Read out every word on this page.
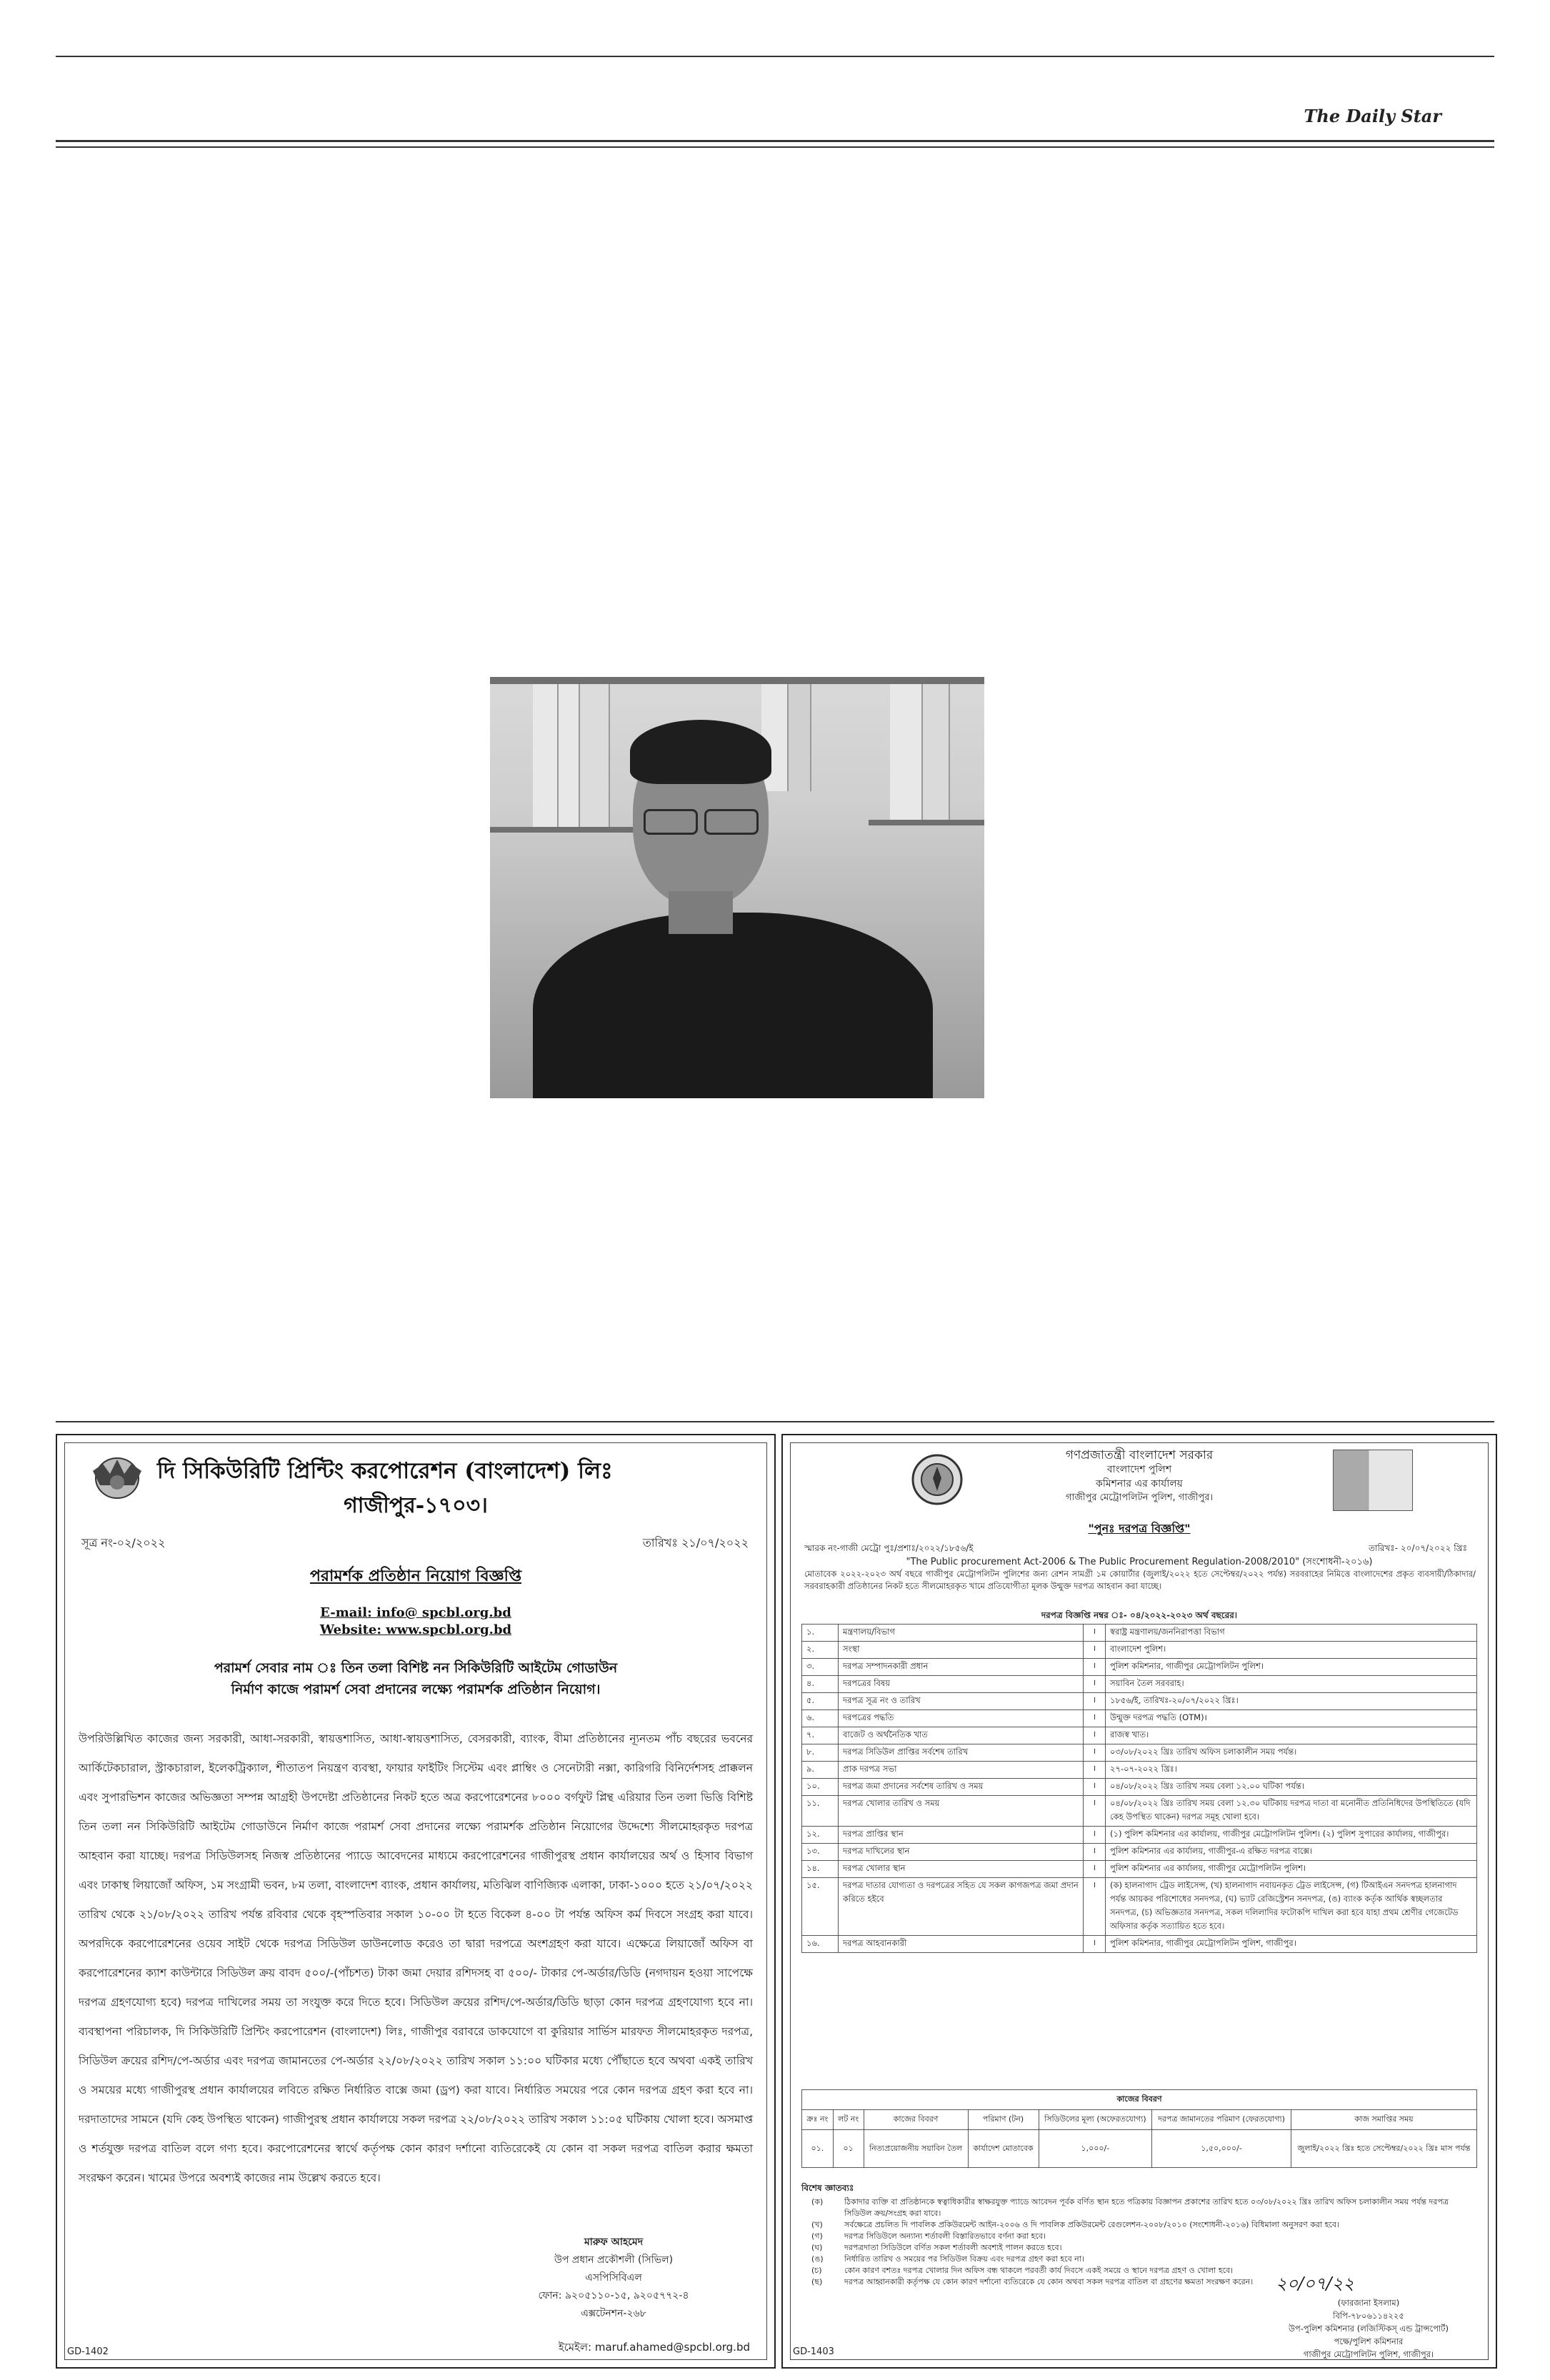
The Daily Star
দি সিকিউরিটি প্রিন্টিং করপোরেশন (বাংলাদেশ) লিঃ
গাজীপুর-১৭০৩।
সূত্র নং-০২/২০২২	তারিখঃ ২১/০৭/২০২২
পরামর্শক প্রতিষ্ঠান নিয়োগ বিজ্ঞপ্তি
E-mail: info@ spcbl.org.bd
Website: www.spcbl.org.bd
পরামর্শ সেবার নাম ঃ তিন তলা বিশিষ্ট নন সিকিউরিটি আইটেম গোডাউন
নির্মাণ কাজে পরামর্শ সেবা প্রদানের লক্ষ্যে পরামর্শক প্রতিষ্ঠান নিয়োগ।
উপরিউল্লিখিত কাজের জন্য সরকারী, আধা-সরকারী, স্বায়ত্তশাসিত, আধা-স্বায়ত্তশাসিত, বেসরকারী, ব্যাংক, বীমা প্রতিষ্ঠানের ন্যূনতম পাঁচ বছরের ভবনের আর্কিটেকচারাল, স্ট্রাকচারাল, ইলেকট্রিক্যাল, শীতাতপ নিয়ন্ত্রণ ব্যবস্থা, ফায়ার ফাইটিং সিস্টেম এবং প্লাম্বিং ও সেনেটারী নক্সা, কারিগরি বিনির্দেশসহ প্রাক্কলন এবং সুপারভিশন কাজের অভিজ্ঞতা সম্পন্ন আগ্রহী উপদেষ্টা প্রতিষ্ঠানের নিকট হতে অত্র করপোরেশনের ৮০০০ বর্গফুট প্লিন্থ এরিয়ার তিন তলা ভিত্তি বিশিষ্ট তিন তলা নন সিকিউরিটি আইটেম গোডাউনে নির্মাণ কাজে পরামর্শ সেবা প্রদানের লক্ষ্যে পরামর্শক প্রতিষ্ঠান নিয়োগের উদ্দেশ্যে সীলমোহরকৃত দরপত্র আহবান করা যাচ্ছে। দরপত্র সিডিউলসহ নিজস্ব প্রতিষ্ঠানের প্যাডে আবেদনের মাধ্যমে করপোরেশনের গাজীপুরস্থ প্রধান কার্যালয়ের অর্থ ও হিসাব বিভাগ এবং ঢাকাস্থ লিয়াজোঁ অফিস, ১ম সংগ্রামী ভবন, ৮ম তলা, বাংলাদেশ ব্যাংক, প্রধান কার্যালয়, মতিঝিল বাণিজ্যিক এলাকা, ঢাকা-১০০০ হতে ২১/০৭/২০২২ তারিখ থেকে ২১/০৮/২০২২ তারিখ পর্যন্ত রবিবার থেকে বৃহস্পতিবার সকাল ১০-০০ টা হতে বিকেল ৪-০০ টা পর্যন্ত অফিস কর্ম দিবসে সংগ্রহ করা যাবে। অপরদিকে করপোরেশনের ওয়েব সাইট থেকে দরপত্র সিডিউল ডাউনলোড করেও তা দ্বারা দরপত্রে অংশগ্রহণ করা যাবে। এক্ষেত্রে লিয়াজোঁ অফিস বা করপোরেশনের ক্যাশ কাউন্টারে সিডিউল ক্রয় বাবদ ৫০০/-(পাঁচশত) টাকা জমা দেয়ার রশিদসহ বা ৫০০/- টাকার পে-অর্ডার/ডিডি (নগদায়ন হওয়া সাপেক্ষে দরপত্র গ্রহণযোগ্য হবে) দরপত্র দাখিলের সময় তা সংযুক্ত করে দিতে হবে। সিডিউল ক্রয়ের রশিদ/পে-অর্ডার/ডিডি ছাড়া কোন দরপত্র গ্রহণযোগ্য হবে না। ব্যবস্থাপনা পরিচালক, দি সিকিউরিটি প্রিন্টিং করপোরেশন (বাংলাদেশ) লিঃ, গাজীপুর বরাবরে ডাকযোগে বা কুরিয়ার সার্ভিস মারফত সীলমোহরকৃত দরপত্র, সিডিউল ক্রয়ের রশিদ/পে-অর্ডার এবং দরপত্র জামানতের পে-অর্ডার ২২/০৮/২০২২ তারিখ সকাল ১১:০০ ঘটিকার মধ্যে পৌঁছাতে হবে অথবা একই তারিখ ও সময়ের মধ্যে গাজীপুরস্থ প্রধান কার্যালয়ের লবিতে রক্ষিত নির্ধারিত বাক্সে জমা (ড্রপ) করা যাবে। নির্ধারিত সময়ের পরে কোন দরপত্র গ্রহণ করা হবে না। দরদাতাদের সামনে (যদি কেহ উপস্থিত থাকেন) গাজীপুরস্থ প্রধান কার্যালয়ে সকল দরপত্র ২২/০৮/২০২২ তারিখ সকাল ১১:০৫ ঘটিকায় খোলা হবে। অসমাপ্ত ও শর্তযুক্ত দরপত্র বাতিল বলে গণ্য হবে। করপোরেশনের স্বার্থে কর্তৃপক্ষ কোন কারণ দর্শানো ব্যতিরেকেই যে কোন বা সকল দরপত্র বাতিল করার ক্ষমতা সংরক্ষণ করেন। খামের উপরে অবশ্যই কাজের নাম উল্লেখ করতে হবে।
মারুফ আহমেদ
উপ প্রধান প্রকৌশলী (সিভিল)
এসপিসিবিএল
ফোন: ৯২০৫১১০-১৫, ৯২০৫৭৭২-৪
এক্সটেনশন-২৬৮
ইমেইল: maruf.ahamed@spcbl.org.bd
GD-1402
গণপ্রজাতন্ত্রী বাংলাদেশ সরকার
বাংলাদেশ পুলিশ
কমিশনার এর কার্যালয়
গাজীপুর মেট্রোপলিটন পুলিশ, গাজীপুর।
"পুনঃ দরপত্র বিজ্ঞপ্তি"
স্মারক নং-গাজী মেট্রো পুঃ/প্রশাঃ/২০২২/১৮৫৬/ই	তারিখঃ- ২০/০৭/২০২২ খ্রিঃ
"The Public procurement Act-2006 & The Public Procurement Regulation-2008/2010" (সংশোধনী-২০১৬)
মোতাবেক ২০২২-২০২৩ অর্থ বছরে গাজীপুর মেট্রোপলিটন পুলিশের জন্য রেশন সামগ্রী ১ম কোয়ার্টার (জুলাই/২০২২ হতে সেপ্টেম্বর/২০২২ পর্যন্ত) সরবরাহের নিমিত্তে বাংলাদেশের প্রকৃত ব্যবসায়ী/ঠিকাদার/সরবরাহকারী প্রতিষ্ঠানের নিকট হতে সীলমোহরকৃত খামে প্রতিযোগীতা মূলক উন্মুক্ত দরপত্র আহবান করা যাচ্ছে।
দরপত্র বিজ্ঞপ্তি নম্বর ঃ- ০৪/২০২২-২০২৩ অর্থ বছরের।
১.	মন্ত্রণালয়/বিভাগ	।	স্বরাষ্ট্র মন্ত্রণালয়/জননিরাপত্তা বিভাগ
২.	সংস্থা	।	বাংলাদেশ পুলিশ।
৩.	দরপত্র সম্পাদনকারী প্রধান	।	পুলিশ কমিশনার, গাজীপুর মেট্রোপলিটন পুলিশ।
৪.	দরপত্রের বিষয়	।	সয়াবিন তৈল সরবরাহ।
৫.	দরপত্র সূত্র নং ও তারিখ	।	১৮৫৬/ই, তারিখঃ-২০/০৭/২০২২ খ্রিঃ।
৬.	দরপত্রের পদ্ধতি	।	উন্মুক্ত দরপত্র পদ্ধতি (OTM)।
৭.	বাজেট ও অর্থনৈতিক খাত	।	রাজস্ব খাত।
৮.	দরপত্র সিডিউল প্রাপ্তির সর্বশেষ তারিখ	।	০৩/০৮/২০২২ খ্রিঃ তারিখ অফিস চলাকালীন সময় পর্যন্ত।
৯.	প্রাক দরপত্র সভা	।	২৭-০৭-২০২২ খ্রিঃ।
১০.	দরপত্র জমা প্রদানের সর্বশেষ তারিখ ও সময়	।	০৪/০৮/২০২২ খ্রিঃ তারিখ সময় বেলা ১২.০০ ঘটিকা পর্যন্ত।
১১.	দরপত্র খোলার তারিখ ও সময়	।	০৪/০৮/২০২২ খ্রিঃ তারিখ সময় বেলা ১২.৩০ ঘটিকায় দরপত্র দাতা বা মনোনীত প্রতিনিধিদের উপস্থিতিতে (যদি কেহ উপস্থিত থাকেন) দরপত্র সমূহ খোলা হবে।
১২.	দরপত্র প্রাপ্তির স্থান	।	(১) পুলিশ কমিশনার এর কার্যালয়, গাজীপুর মেট্রোপলিটন পুলিশ। (২) পুলিশ সুপারের কার্যালয়, গাজীপুর।
১৩.	দরপত্র দাখিলের স্থান	।	পুলিশ কমিশনার এর কার্যালয়, গাজীপুর-এ রক্ষিত দরপত্র বাক্সে।
১৪.	দরপত্র খোলার স্থান	।	পুলিশ কমিশনার এর কার্যালয়, গাজীপুর মেট্রোপলিটন পুলিশ।
১৫.	দরপত্র দাতার যোগ্যতা ও দরপত্রের সহিত যে সকল কাগজপত্র জমা প্রদান করিতে হইবে	।	(ক) হালনাগাদ ট্রেড লাইসেন্স, (খ) হালনাগাদ নবায়নকৃত ট্রেড লাইসেন্স, (গ) টিআইএন সনদপত্র হালনাগাদ পর্যন্ত আয়কর পরিশোধের সনদপত্র, (ঘ) ভ্যাট রেজিস্ট্রেশন সনদপত্র, (ঙ) ব্যাংক কর্তৃক আর্থিক স্বচ্ছলতার সনদপত্র, (চ) অভিজ্ঞতার সনদপত্র, সকল দলিলাদির ফটোকপি দাখিল করা হবে যাহা প্রথম শ্রেণীর গেজেটেড অফিসার কর্তৃক সত্যায়িত হতে হবে।
১৬.	দরপত্র আহবানকারী	।	পুলিশ কমিশনার, গাজীপুর মেট্রোপলিটন পুলিশ, গাজীপুর।
কাজের বিবরণ						
ক্রঃ নং	লট নং	কাজের বিবরণ	পরিমাণ (টন)	সিডিউলের মূল্য (অফেরতযোগ্য)	দরপত্র জামানতের পরিমাণ (ফেরতযোগ্য)	কাজ সমাপ্তির সময়
০১.	০১	নিত্যপ্রয়োজনীয় সয়াবিন তৈল	কার্যাদেশ মোতাবেক	১,০০০/-	১,৫০,০০০/-	জুলাই/২০২২ খ্রিঃ হতে সেপ্টেম্বর/২০২২ খ্রিঃ মাস পর্যন্ত
বিশেষ জ্ঞাতব্যঃ
(ক)	ঠিকাদার ব্যক্তি বা প্রতিষ্ঠানকে স্বত্বাধিকারীর স্বাক্ষরযুক্ত প্যাডে আবেদন পূর্বক বর্ণিত স্থান হতে পত্রিকায় বিজ্ঞাপন প্রকাশের তারিখ হতে ০৩/০৮/২০২২ খ্রিঃ তারিখ অফিস চলাকালীন সময় পর্যন্ত দরপত্র সিডিউল ক্রয়/সংগ্রহ করা যাবে।
(খ)	সর্বক্ষেত্রে প্রচলিত দি পাবলিক প্রকিউরমেন্ট আইন-২০০৬ ও দি পাবলিক প্রকিউরমেন্ট রেগুলেশন-২০০৮/২০১০ (সংশোধনী-২০১৬) বিধিমালা অনুসরণ করা হবে।
(গ)	দরপত্র সিডিউলে অন্যান্য শর্তাবলী বিস্তারিতভাবে বর্ণনা করা হবে।
(ঘ)	দরপত্রদাতা সিডিউলে বর্ণিত সকল শর্তাবলী অবশ্যই পালন করতে হবে।
(ঙ)	নির্ধারিত তারিখ ও সময়ের পর সিডিউল বিক্রয় এবং দরপত্র গ্রহণ করা হবে না।
(চ)	কোন কারণ বশতঃ দরপত্র খোলার দিন অফিস বন্ধ থাকলে পরবর্তী কার্য দিবসে একই সময়ে ও স্থানে দরপত্র গ্রহণ ও খোলা হবে।
(ছ)	দরপত্র আহ্বানকারী কর্তৃপক্ষ যে কোন কারণ দর্শানো ব্যতিরেকে যে কোন অথবা সকল দরপত্র বাতিল বা গ্রহণের ক্ষমতা সংরক্ষণ করেন। ২০/০৭/২২
(ফারজানা ইসলাম)
বিপি-৭৮০৬১১৪২২৫
উপ-পুলিশ কমিশনার (লজিস্টিকস্ এন্ড ট্রান্সপোর্ট)
পক্ষে/পুলিশ কমিশনার
গাজীপুর মেট্রোপলিটন পুলিশ, গাজীপুর।
GD-1403
